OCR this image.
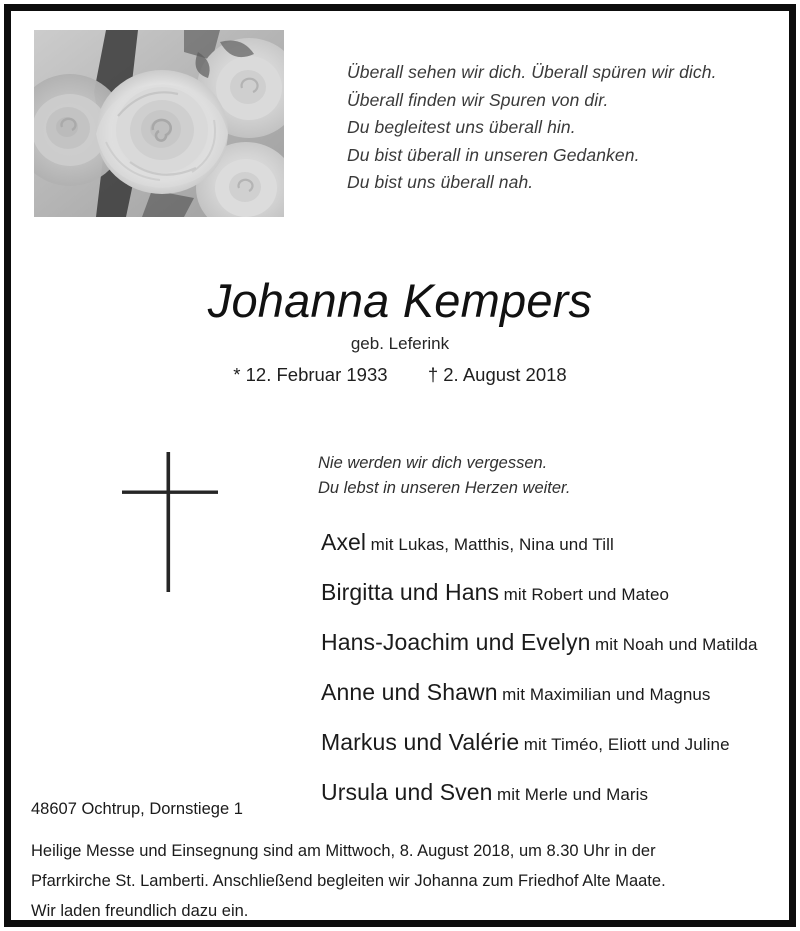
Überall sehen wir dich. Überall spüren wir dich.
Überall finden wir Spuren von dir.
Du begleitest uns überall hin.
Du bist überall in unseren Gedanken.
Du bist uns überall nah.
Johanna Kempers
geb. Leferink
* 12. Februar 1933 † 2. August 2018
Nie werden wir dich vergessen.
Du lebst in unseren Herzen weiter.
Axel mit Lukas, Matthis, Nina und Till
Birgitta und Hans mit Robert und Mateo
Hans-Joachim und Evelyn mit Noah und Matilda
Anne und Shawn mit Maximilian und Magnus
Markus und Valérie mit Timéo, Eliott und Juline
Ursula und Sven mit Merle und Maris
48607 Ochtrup, Dornstiege 1
Heilige Messe und Einsegnung sind am Mittwoch, 8. August 2018, um 8.30 Uhr in der
Pfarrkirche St. Lamberti. Anschließend begleiten wir Johanna zum Friedhof Alte Maate.
Wir laden freundlich dazu ein.
